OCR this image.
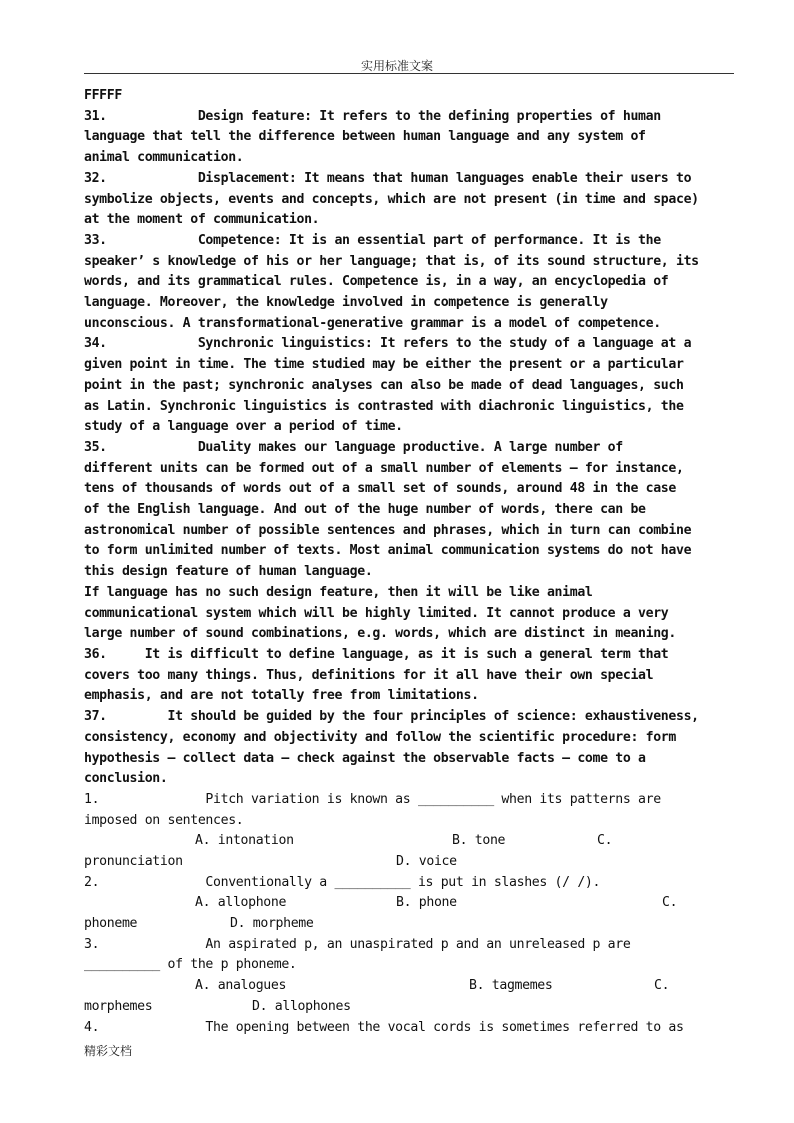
实用标准文案

FFFFF

31.            Design feature: It refers to the defining properties of human

language that tell the difference between human language and any system of

animal communication.

32.            Displacement: It means that human languages enable their users to

symbolize objects, events and concepts, which are not present (in time and space)

at the moment of communication.

33.            Competence: It is an essential part of performance. It is the

speaker’ s knowledge of his or her language; that is, of its sound structure, its

words, and its grammatical rules. Competence is, in a way, an encyclopedia of

language. Moreover, the knowledge involved in competence is generally

unconscious. A transformational-generative grammar is a model of competence.

34.            Synchronic linguistics: It refers to the study of a language at a

given point in time. The time studied may be either the present or a particular

point in the past; synchronic analyses can also be made of dead languages, such

as Latin. Synchronic linguistics is contrasted with diachronic linguistics, the

study of a language over a period of time.

35.            Duality makes our language productive. A large number of

different units can be formed out of a small number of elements – for instance,

tens of thousands of words out of a small set of sounds, around 48 in the case

of the English language. And out of the huge number of words, there can be

astronomical number of possible sentences and phrases, which in turn can combine

to form unlimited number of texts. Most animal communication systems do not have

this design feature of human language.

If language has no such design feature, then it will be like animal

communicational system which will be highly limited. It cannot produce a very

large number of sound combinations, e.g. words, which are distinct in meaning.

36.     It is difficult to define language, as it is such a general term that

covers too many things. Thus, definitions for it all have their own special

emphasis, and are not totally free from limitations.

37.        It should be guided by the four principles of science: exhaustiveness,

consistency, economy and objectivity and follow the scientific procedure: form

hypothesis – collect data – check against the observable facts – come to a

conclusion.

1.              Pitch variation is known as __________ when its patterns are

imposed on sentences.

A. intonation	B. tone	C.
pronunciation	D. voice

2.              Conventionally a __________ is put in slashes (/ /).

A. allophone	B. phone	C.
phoneme	D. morpheme

3.              An aspirated p, an unaspirated p and an unreleased p are

__________ of the p phoneme.

A. analogues	B. tagmemes	C.
morphemes	D. allophones

4.              The opening between the vocal cords is sometimes referred to as

精彩文档
